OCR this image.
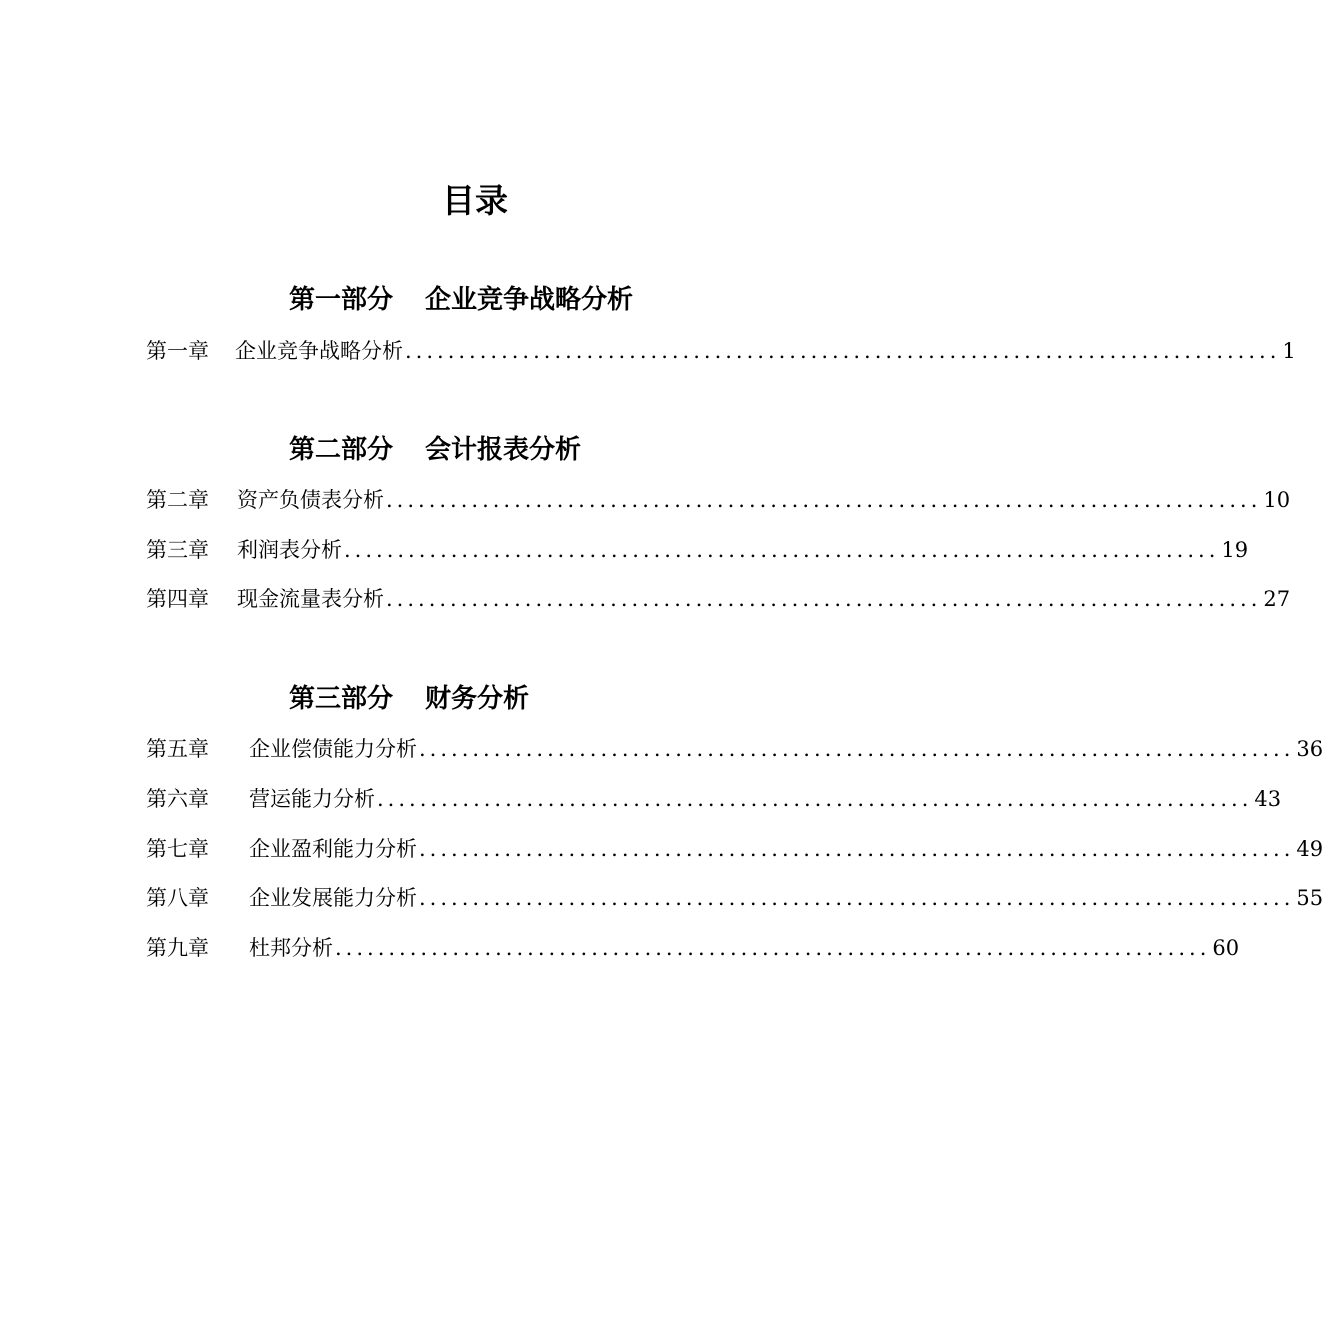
目录
第一部分 企业竞争战略分析
第一章 企业竞争战略分析 .................................................................................. 1
第二部分 会计报表分析
第二章 资产负债表分析 .................................................................................. 10
第三章 利润表分析 .................................................................................. 19
第四章 现金流量表分析 .................................................................................. 27
第三部分 财务分析
第五章 企业偿债能力分析 .................................................................................. 36
第六章 营运能力分析 .................................................................................. 43
第七章 企业盈利能力分析 .................................................................................. 49
第八章 企业发展能力分析 .................................................................................. 55
第九章 杜邦分析 .................................................................................. 60
